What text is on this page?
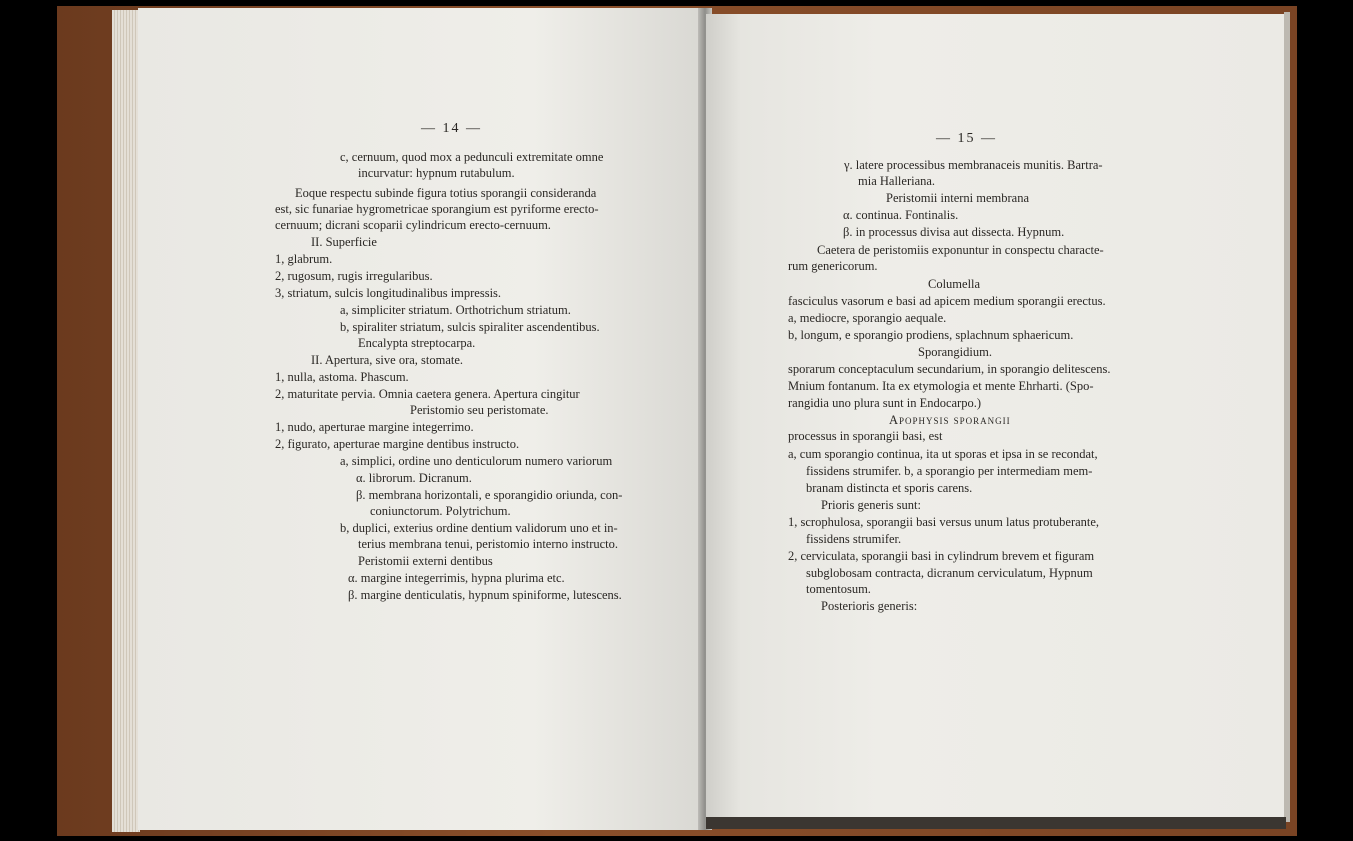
— 14 —
c, cernuum, quod mox a pedunculi extremitate omne
incurvatur: hypnum rutabulum.
Eoque respectu subinde figura totius sporangii consideranda
est, sic funariae hygrometricae sporangium est pyriforme erecto-
cernuum; dicrani scoparii cylindricum erecto-cernuum.
II. Superficie
1, glabrum.
2, rugosum, rugis irregularibus.
3, striatum, sulcis longitudinalibus impressis.
a, simpliciter striatum. Orthotrichum striatum.
b, spiraliter striatum, sulcis spiraliter ascendentibus.
Encalypta streptocarpa.
II. Apertura, sive ora, stomate.
1, nulla, astoma. Phascum.
2, maturitate pervia. Omnia caetera genera. Apertura cingitur
Peristomio seu peristomate.
1, nudo, aperturae margine integerrimo.
2, figurato, aperturae margine dentibus instructo.
a, simplici, ordine uno denticulorum numero variorum
α. librorum. Dicranum.
β. membrana horizontali, e sporangidio oriunda, con-
coniunctorum. Polytrichum.
b, duplici, exterius ordine dentium validorum uno et in-
terius membrana tenui, peristomio interno instructo.
Peristomii externi dentibus
α. margine integerrimis, hypna plurima etc.
β. margine denticulatis, hypnum spiniforme, lutescens.
— 15 —
γ. latere processibus membranaceis munitis. Bartra-
mia Halleriana.
Peristomii interni membrana
α. continua. Fontinalis.
β. in processus divisa aut dissecta. Hypnum.
Caetera de peristomiis exponuntur in conspectu characte-
rum genericorum.
Columella
fasciculus vasorum e basi ad apicem medium sporangii erectus.
a, mediocre, sporangio aequale.
b, longum, e sporangio prodiens, splachnum sphaericum.
Sporangidium.
sporarum conceptaculum secundarium, in sporangio delitescens.
Mnium fontanum. Ita ex etymologia et mente Ehrharti. (Spo-
rangidia uno plura sunt in Endocarpo.)
Apophysis sporangii
processus in sporangii basi, est
a, cum sporangio continua, ita ut sporas et ipsa in se recondat,
fissidens strumifer. b, a sporangio per intermediam mem-
branam distincta et sporis carens.
Prioris generis sunt:
1, scrophulosa, sporangii basi versus unum latus protuberante,
fissidens strumifer.
2, cerviculata, sporangii basi in cylindrum brevem et figuram
subglobosam contracta, dicranum cerviculatum, Hypnum
tomentosum.
Posterioris generis:
